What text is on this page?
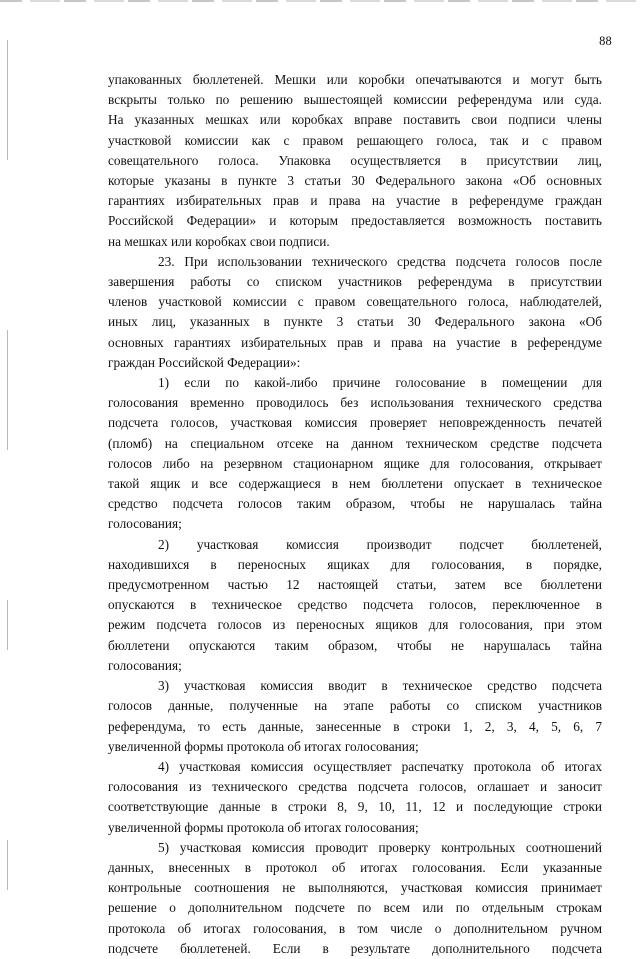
88

упакованных бюллетеней. Мешки или коробки опечатываются и могут быть

вскрыты только по решению вышестоящей комиссии референдума или суда.

На указанных мешках или коробках вправе поставить свои подписи члены

участковой комиссии как с правом решающего голоса, так и с правом

совещательного голоса. Упаковка осуществляется в присутствии лиц,

которые указаны в пункте 3 статьи 30 Федерального закона «Об основных

гарантиях избирательных прав и права на участие в референдуме граждан

Российской Федерации» и которым предоставляется возможность поставить

на мешках или коробках свои подписи.

23. При использовании технического средства подсчета голосов после

завершения работы со списком участников референдума в присутствии

членов участковой комиссии с правом совещательного голоса, наблюдателей,

иных лиц, указанных в пункте 3 статьи 30 Федерального закона «Об

основных гарантиях избирательных прав и права на участие в референдуме

граждан Российской Федерации»:

1) если по какой-либо причине голосование в помещении для

голосования временно проводилось без использования технического средства

подсчета голосов, участковая комиссия проверяет неповрежденность печатей

(пломб) на специальном отсеке на данном техническом средстве подсчета

голосов либо на резервном стационарном ящике для голосования, открывает

такой ящик и все содержащиеся в нем бюллетени опускает в техническое

средство подсчета голосов таким образом, чтобы не нарушалась тайна

голосования;

2) участковая комиссия производит подсчет бюллетеней,

находившихся в переносных ящиках для голосования, в порядке,

предусмотренном частью 12 настоящей статьи, затем все бюллетени

опускаются в техническое средство подсчета голосов, переключенное в

режим подсчета голосов из переносных ящиков для голосования, при этом

бюллетени опускаются таким образом, чтобы не нарушалась тайна

голосования;

3) участковая комиссия вводит в техническое средство подсчета

голосов данные, полученные на этапе работы со списком участников

референдума, то есть данные, занесенные в строки 1, 2, 3, 4, 5, 6, 7

увеличенной формы протокола об итогах голосования;

4) участковая комиссия осуществляет распечатку протокола об итогах

голосования из технического средства подсчета голосов, оглашает и заносит

соответствующие данные в строки 8, 9, 10, 11, 12 и последующие строки

увеличенной формы протокола об итогах голосования;

5) участковая комиссия проводит проверку контрольных соотношений

данных, внесенных в протокол об итогах голосования. Если указанные

контрольные соотношения не выполняются, участковая комиссия принимает

решение о дополнительном подсчете по всем или по отдельным строкам

протокола об итогах голосования, в том числе о дополнительном ручном

подсчете бюллетеней. Если в результате дополнительного подсчета
